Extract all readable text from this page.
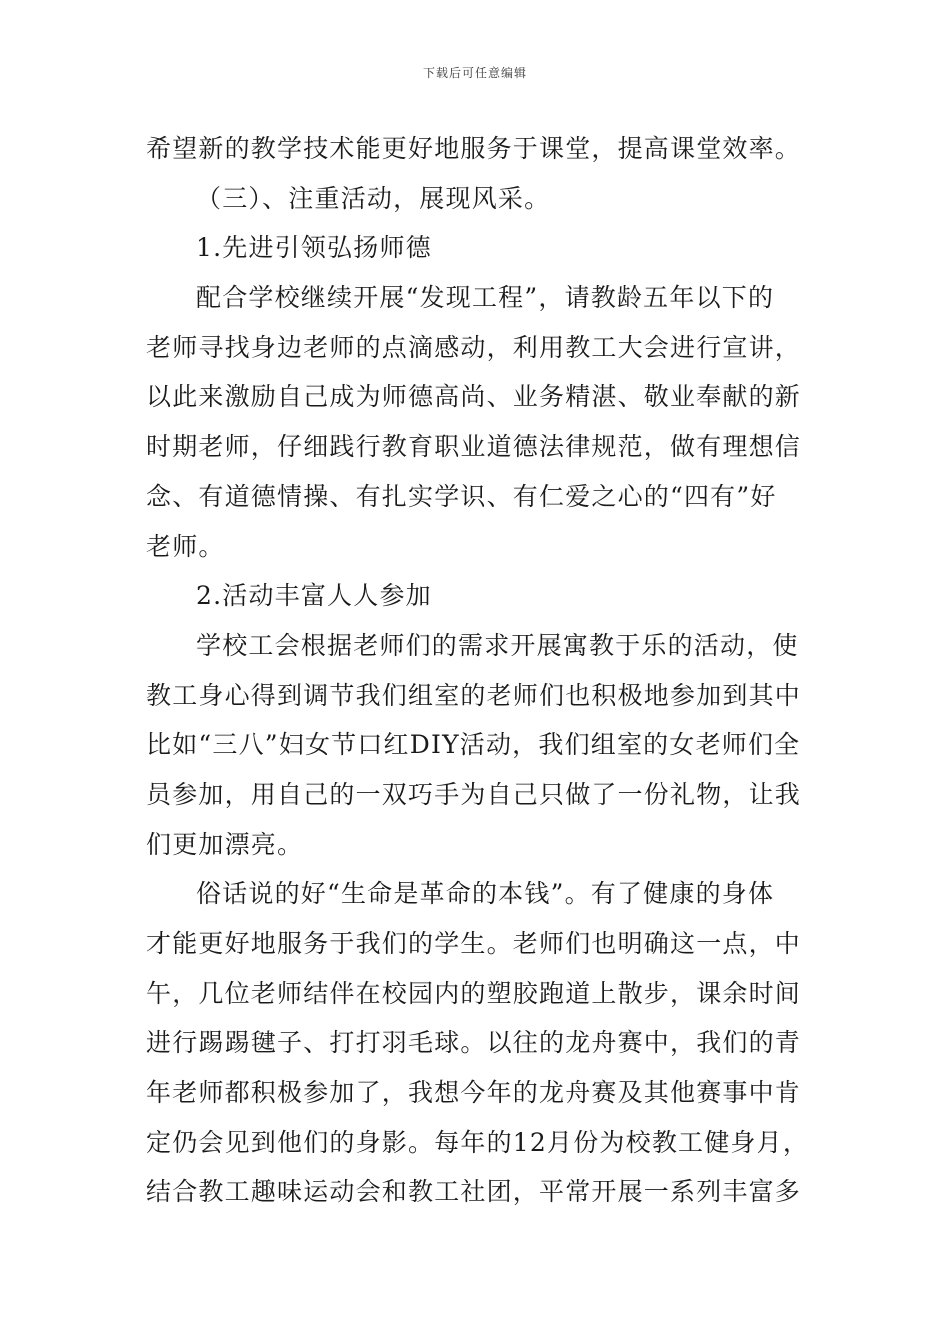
下载后可任意编辑
希望新的教学技术能更好地服务于课堂，提高课堂效率。
（三）、注重活动，展现风采。
1.先进引领弘扬师德
配合学校继续开展“发现工程”，请教龄五年以下的
老师寻找身边老师的点滴感动，利用教工大会进行宣讲，
以此来激励自己成为师德高尚、业务精湛、敬业奉献的新
时期老师，仔细践行教育职业道德法律规范，做有理想信
念、有道德情操、有扎实学识、有仁爱之心的“四有”好
老师。
2.活动丰富人人参加
学校工会根据老师们的需求开展寓教于乐的活动，使
教工身心得到调节我们组室的老师们也积极地参加到其中
比如“三八”妇女节口红DIY活动，我们组室的女老师们全
员参加，用自己的一双巧手为自己只做了一份礼物，让我
们更加漂亮。
俗话说的好“生命是革命的本钱”。有了健康的身体
才能更好地服务于我们的学生。老师们也明确这一点，中
午，几位老师结伴在校园内的塑胶跑道上散步，课余时间
进行踢踢毽子、打打羽毛球。以往的龙舟赛中，我们的青
年老师都积极参加了，我想今年的龙舟赛及其他赛事中肯
定仍会见到他们的身影。每年的12月份为校教工健身月，
结合教工趣味运动会和教工社团，平常开展一系列丰富多
